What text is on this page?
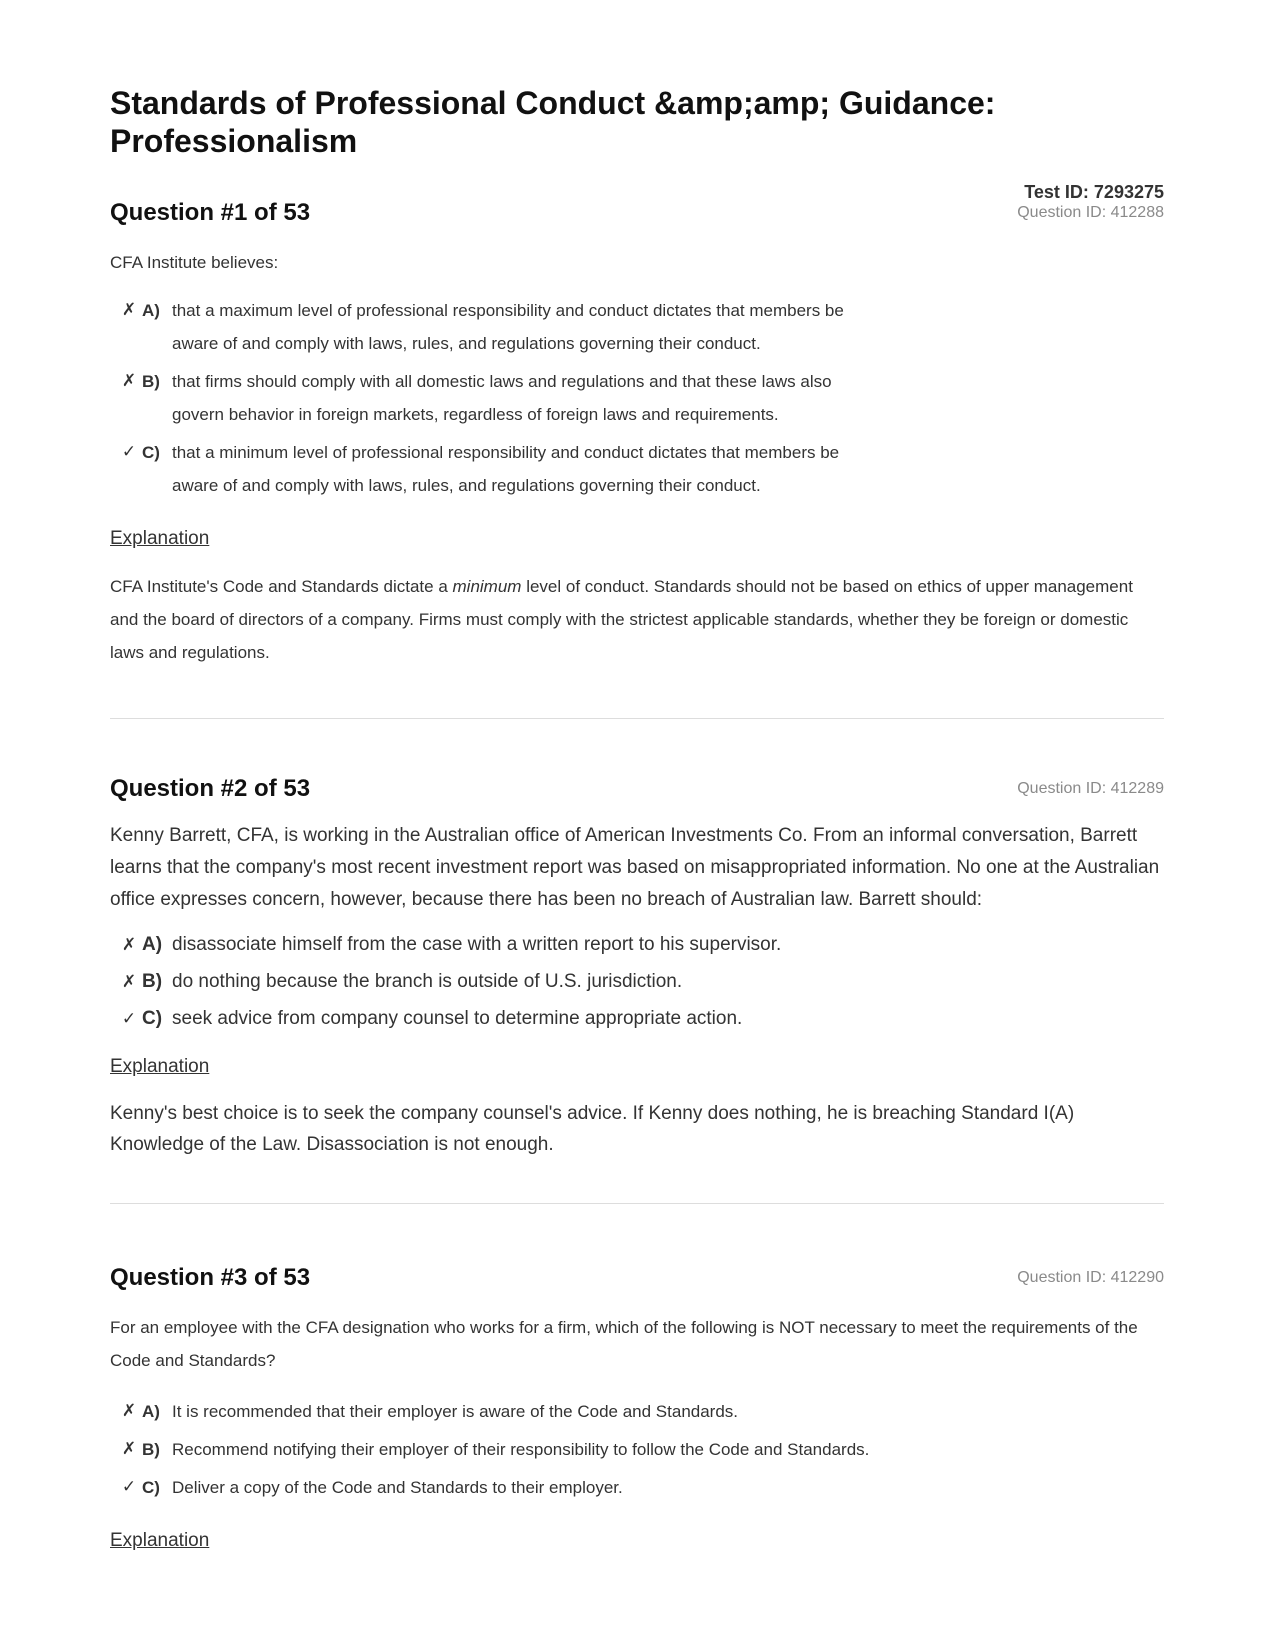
Standards of Professional Conduct &amp;amp; Guidance: Professionalism
Test ID: 7293275
Question #1 of 53	Question ID: 412288

CFA Institute believes:

✗ A) that a maximum level of professional responsibility and conduct dictates that members be aware of and comply with laws, rules, and regulations governing their conduct.
✗ B) that firms should comply with all domestic laws and regulations and that these laws also govern behavior in foreign markets, regardless of foreign laws and requirements.
✓ C) that a minimum level of professional responsibility and conduct dictates that members be aware of and comply with laws, rules, and regulations governing their conduct.
Explanation

CFA Institute's Code and Standards dictate a minimum level of conduct. Standards should not be based on ethics of upper management and the board of directors of a company. Firms must comply with the strictest applicable standards, whether they be foreign or domestic laws and regulations.

Question #2 of 53	Question ID: 412289

Kenny Barrett, CFA, is working in the Australian office of American Investments Co. From an informal conversation, Barrett learns that the company's most recent investment report was based on misappropriated information. No one at the Australian office expresses concern, however, because there has been no breach of Australian law. Barrett should:

✗ A) disassociate himself from the case with a written report to his supervisor.
✗ B) do nothing because the branch is outside of U.S. jurisdiction.
✓ C) seek advice from company counsel to determine appropriate action.
Explanation

Kenny's best choice is to seek the company counsel's advice. If Kenny does nothing, he is breaching Standard I(A) Knowledge of the Law. Disassociation is not enough.

Question #3 of 53	Question ID: 412290

For an employee with the CFA designation who works for a firm, which of the following is NOT necessary to meet the requirements of the Code and Standards?

✗ A) It is recommended that their employer is aware of the Code and Standards.
✗ B) Recommend notifying their employer of their responsibility to follow the Code and Standards.
✓ C) Deliver a copy of the Code and Standards to their employer.
Explanation
